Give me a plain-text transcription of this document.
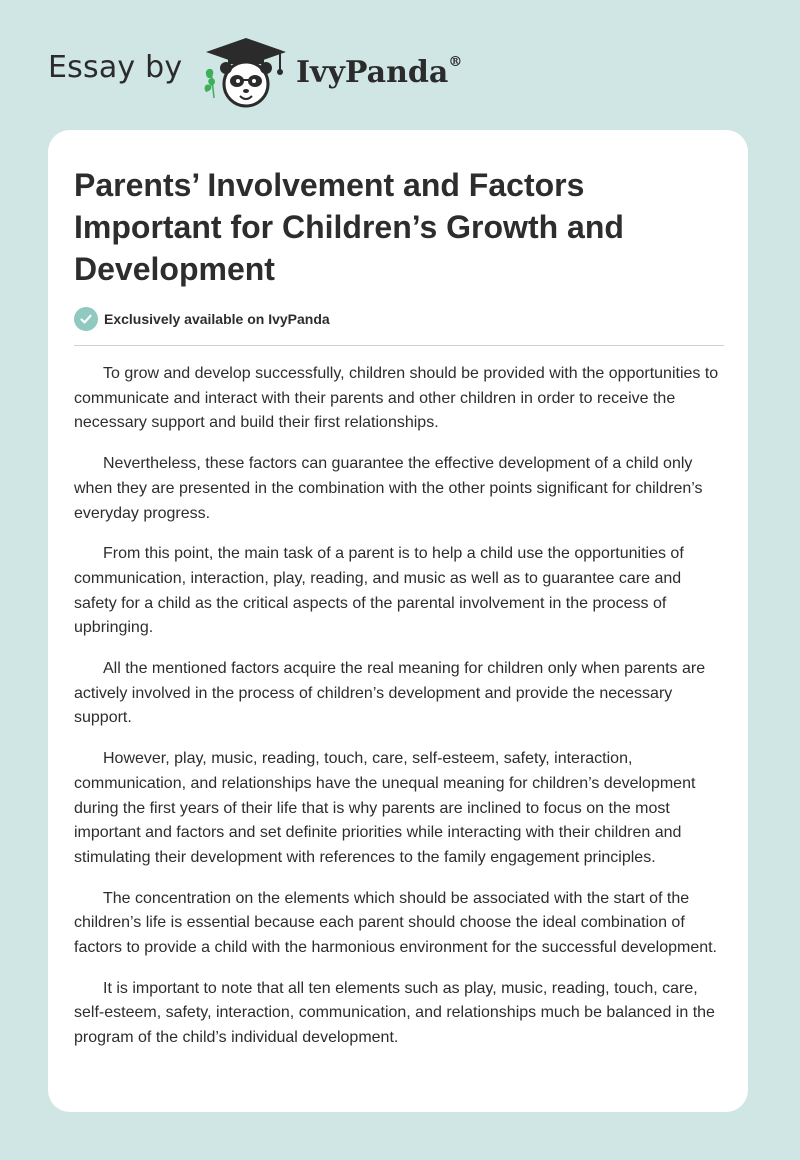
Essay by	IvyPanda®
Parents’ Involvement and Factors Important for Children’s Growth and Development
Exclusively available on IvyPanda

To grow and develop successfully, children should be provided with the opportunities to communicate and interact with their parents and other children in order to receive the necessary support and build their first relationships.

Nevertheless, these factors can guarantee the effective development of a child only when they are presented in the combination with the other points significant for children’s everyday progress.

From this point, the main task of a parent is to help a child use the opportunities of communication, interaction, play, reading, and music as well as to guarantee care and safety for a child as the critical aspects of the parental involvement in the process of upbringing.

All the mentioned factors acquire the real meaning for children only when parents are actively involved in the process of children’s development and provide the necessary support.

However, play, music, reading, touch, care, self-esteem, safety, interaction, communication, and relationships have the unequal meaning for children’s development during the first years of their life that is why parents are inclined to focus on the most important and factors and set definite priorities while interacting with their children and stimulating their development with references to the family engagement principles.

The concentration on the elements which should be associated with the start of the children’s life is essential because each parent should choose the ideal combination of factors to provide a child with the harmonious environment for the successful development.

It is important to note that all ten elements such as play, music, reading, touch, care, self-esteem, safety, interaction, communication, and relationships much be balanced in the program of the child’s individual development.
